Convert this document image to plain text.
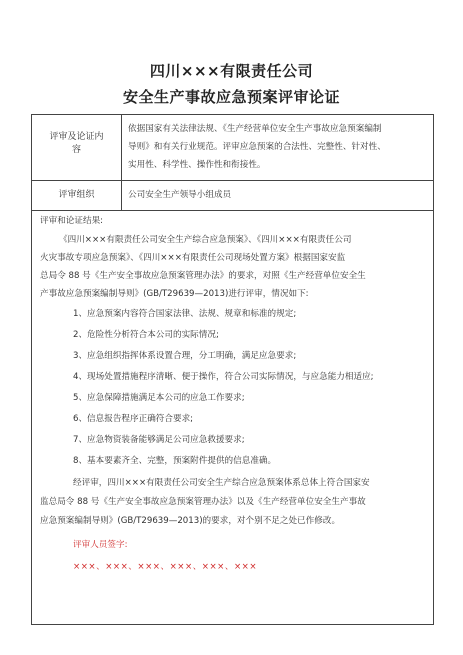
四川×××有限责任公司
安全生产事故应急预案评审论证
评审及论证内
容
依据国家有关法律法规、《生产经营单位安全生产事故应急预案编制
导则》和有关行业规范。评审应急预案的合法性、完整性、针对性、
实用性、科学性、操作性和衔接性。
评审组织	公司安全生产领导小组成员
评审和论证结果:
《四川×××有限责任公司安全生产综合应急预案》、《四川×××有限责任公司
火灾事故专项应急预案》、《四川×××有限责任公司现场处置方案》根据国家安监
总局令 88 号《生产安全事故应急预案管理办法》的要求，对照《生产经营单位安全生
产事故应急预案编制导则》(GB/T29639—2013)进行评审，情况如下:
1、应急预案内容符合国家法律、法规、规章和标准的规定;
2、危险性分析符合本公司的实际情况;
3、应急组织指挥体系设置合理，分工明确，满足应急要求;
4、现场处置措施程序清晰、便于操作，符合公司实际情况，与应急能力相适应;
5、应急保障措施满足本公司的应急工作要求;
6、信息报告程序正确符合要求;
7、应急物资装备能够满足公司应急救援要求;
8、基本要素齐全、完整，预案附件提供的信息准确。
经评审，四川×××有限责任公司安全生产综合应急预案体系总体上符合国家安
监总局令 88 号《生产安全事故应急预案管理办法》以及《生产经营单位安全生产事故
应急预案编制导则》(GB/T29639—2013)的要求，对个别不足之处已作修改。
评审人员签字:
×××、×××、×××、×××、×××、×××
